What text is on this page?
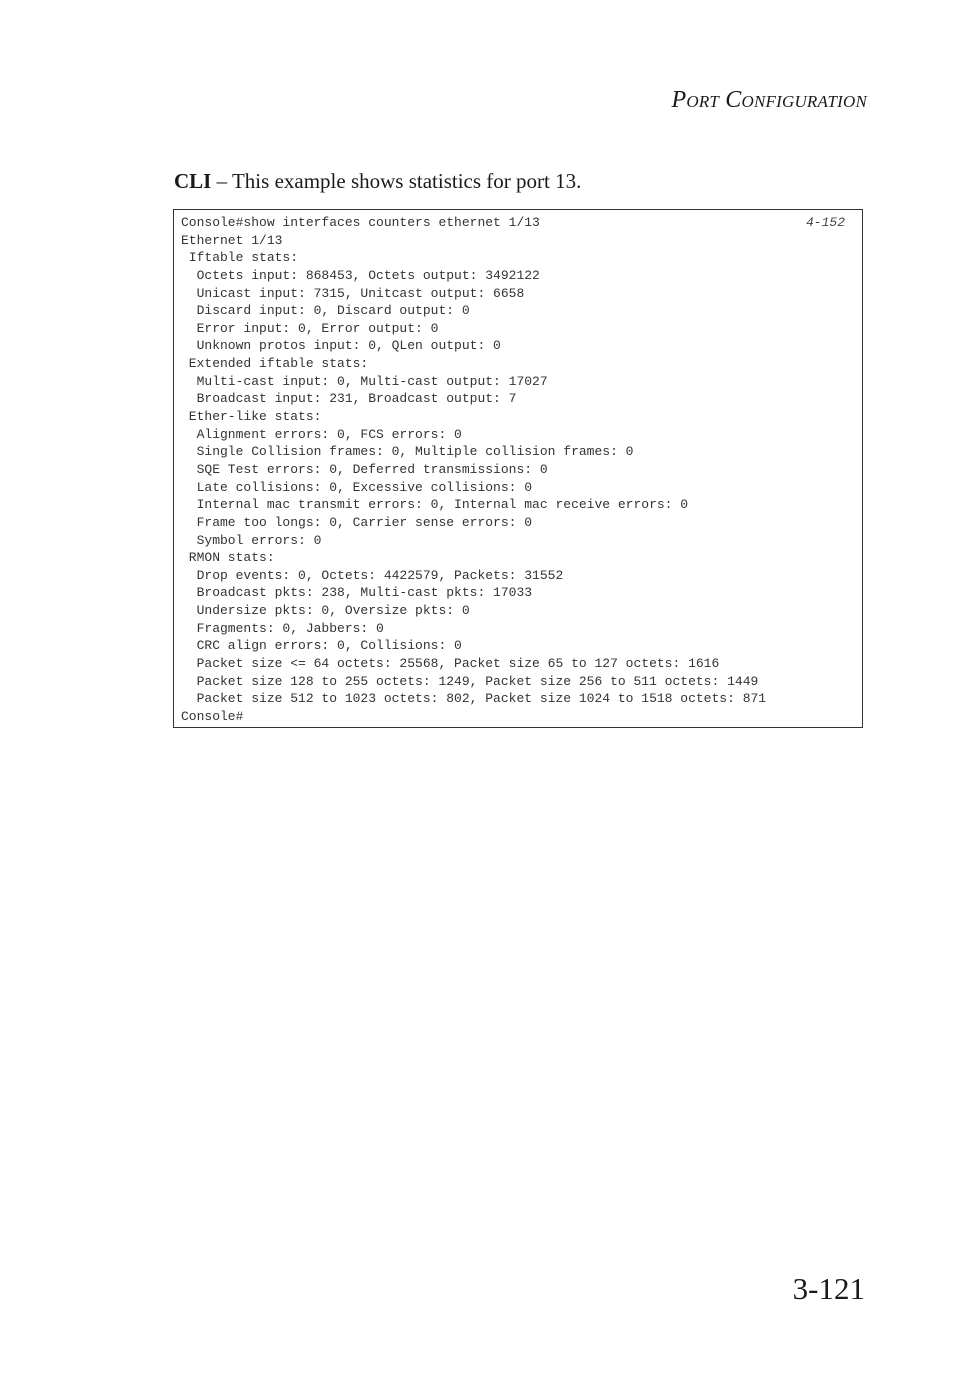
PORT CONFIGURATION
CLI – This example shows statistics for port 13.
4-152
Console#show interfaces counters ethernet 1/13
Ethernet 1/13
Iftable stats:
Octets input: 868453, Octets output: 3492122
Unicast input: 7315, Unitcast output: 6658
Discard input: 0, Discard output: 0
Error input: 0, Error output: 0
Unknown protos input: 0, QLen output: 0
Extended iftable stats:
Multi-cast input: 0, Multi-cast output: 17027
Broadcast input: 231, Broadcast output: 7
Ether-like stats:
Alignment errors: 0, FCS errors: 0
Single Collision frames: 0, Multiple collision frames: 0
SQE Test errors: 0, Deferred transmissions: 0
Late collisions: 0, Excessive collisions: 0
Internal mac transmit errors: 0, Internal mac receive errors: 0
Frame too longs: 0, Carrier sense errors: 0
Symbol errors: 0
RMON stats:
Drop events: 0, Octets: 4422579, Packets: 31552
Broadcast pkts: 238, Multi-cast pkts: 17033
Undersize pkts: 0, Oversize pkts: 0
Fragments: 0, Jabbers: 0
CRC align errors: 0, Collisions: 0
Packet size <= 64 octets: 25568, Packet size 65 to 127 octets: 1616
Packet size 128 to 255 octets: 1249, Packet size 256 to 511 octets: 1449
Packet size 512 to 1023 octets: 802, Packet size 1024 to 1518 octets: 871
Console#
3-121
